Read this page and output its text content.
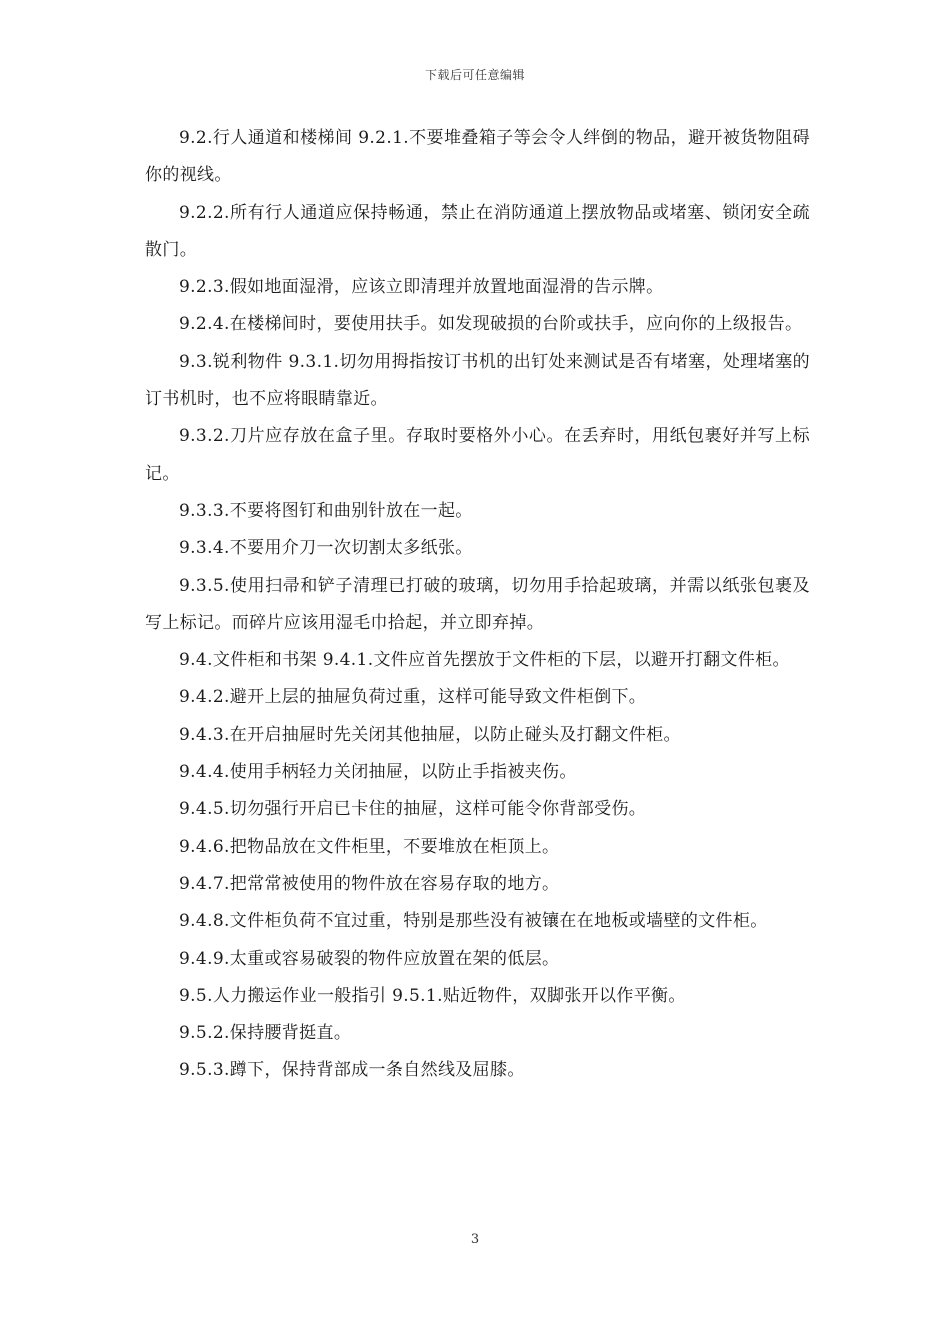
下载后可任意编辑

9.2.行人通道和楼梯间 9.2.1.不要堆叠箱子等会令人绊倒的物品，避开被货物阻碍你的视线。

9.2.2.所有行人通道应保持畅通，禁止在消防通道上摆放物品或堵塞、锁闭安全疏散门。

9.2.3.假如地面湿滑，应该立即清理并放置地面湿滑的告示牌。

9.2.4.在楼梯间时，要使用扶手。如发现破损的台阶或扶手，应向你的上级报告。

9.3.锐利物件 9.3.1.切勿用拇指按订书机的出钉处来测试是否有堵塞，处理堵塞的订书机时，也不应将眼睛靠近。

9.3.2.刀片应存放在盒子里。存取时要格外小心。在丢弃时，用纸包裹好并写上标记。

9.3.3.不要将图钉和曲别针放在一起。

9.3.4.不要用介刀一次切割太多纸张。

9.3.5.使用扫帚和铲子清理已打破的玻璃，切勿用手拾起玻璃，并需以纸张包裹及写上标记。而碎片应该用湿毛巾拾起，并立即弃掉。

9.4.文件柜和书架 9.4.1.文件应首先摆放于文件柜的下层，以避开打翻文件柜。

9.4.2.避开上层的抽屉负荷过重，这样可能导致文件柜倒下。

9.4.3.在开启抽屉时先关闭其他抽屉，以防止碰头及打翻文件柜。

9.4.4.使用手柄轻力关闭抽屉，以防止手指被夹伤。

9.4.5.切勿强行开启已卡住的抽屉，这样可能令你背部受伤。

9.4.6.把物品放在文件柜里，不要堆放在柜顶上。

9.4.7.把常常被使用的物件放在容易存取的地方。

9.4.8.文件柜负荷不宜过重，特别是那些没有被镶在在地板或墙壁的文件柜。

9.4.9.太重或容易破裂的物件应放置在架的低层。

9.5.人力搬运作业一般指引 9.5.1.贴近物件，双脚张开以作平衡。

9.5.2.保持腰背挺直。

9.5.3.蹲下，保持背部成一条自然线及屈膝。

3
